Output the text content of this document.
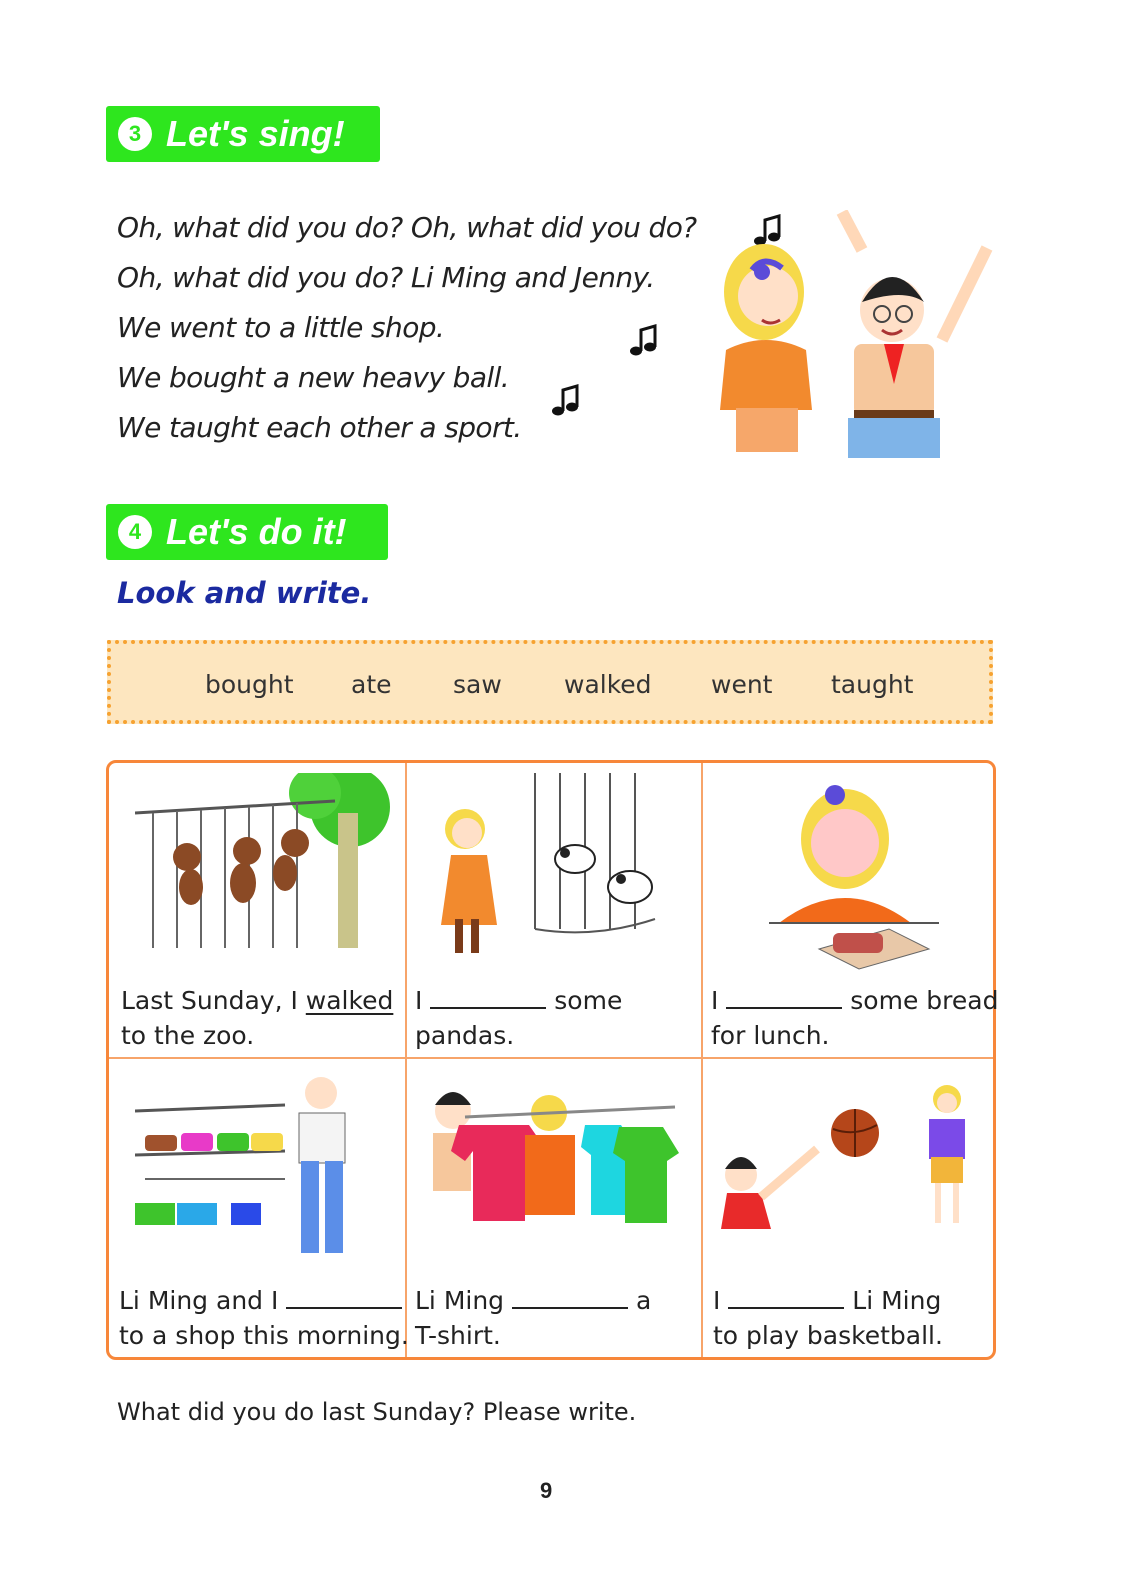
3 Let's sing!
Oh, what did you do? Oh, what did you do?
Oh, what did you do? Li Ming and Jenny.
We went to a little shop.
We bought a new heavy ball.
We taught each other a sport.
4 Let's do it!
Look and write.
bought ate saw walked went taught
Last Sunday, I walked
to the zoo.
I	some
pandas.
I	some bread
for lunch.
Li Ming and I
to a shop this morning.
Li Ming	a
T-shirt.
I	Li Ming
to play basketball.
What did you do last Sunday? Please write.
9
